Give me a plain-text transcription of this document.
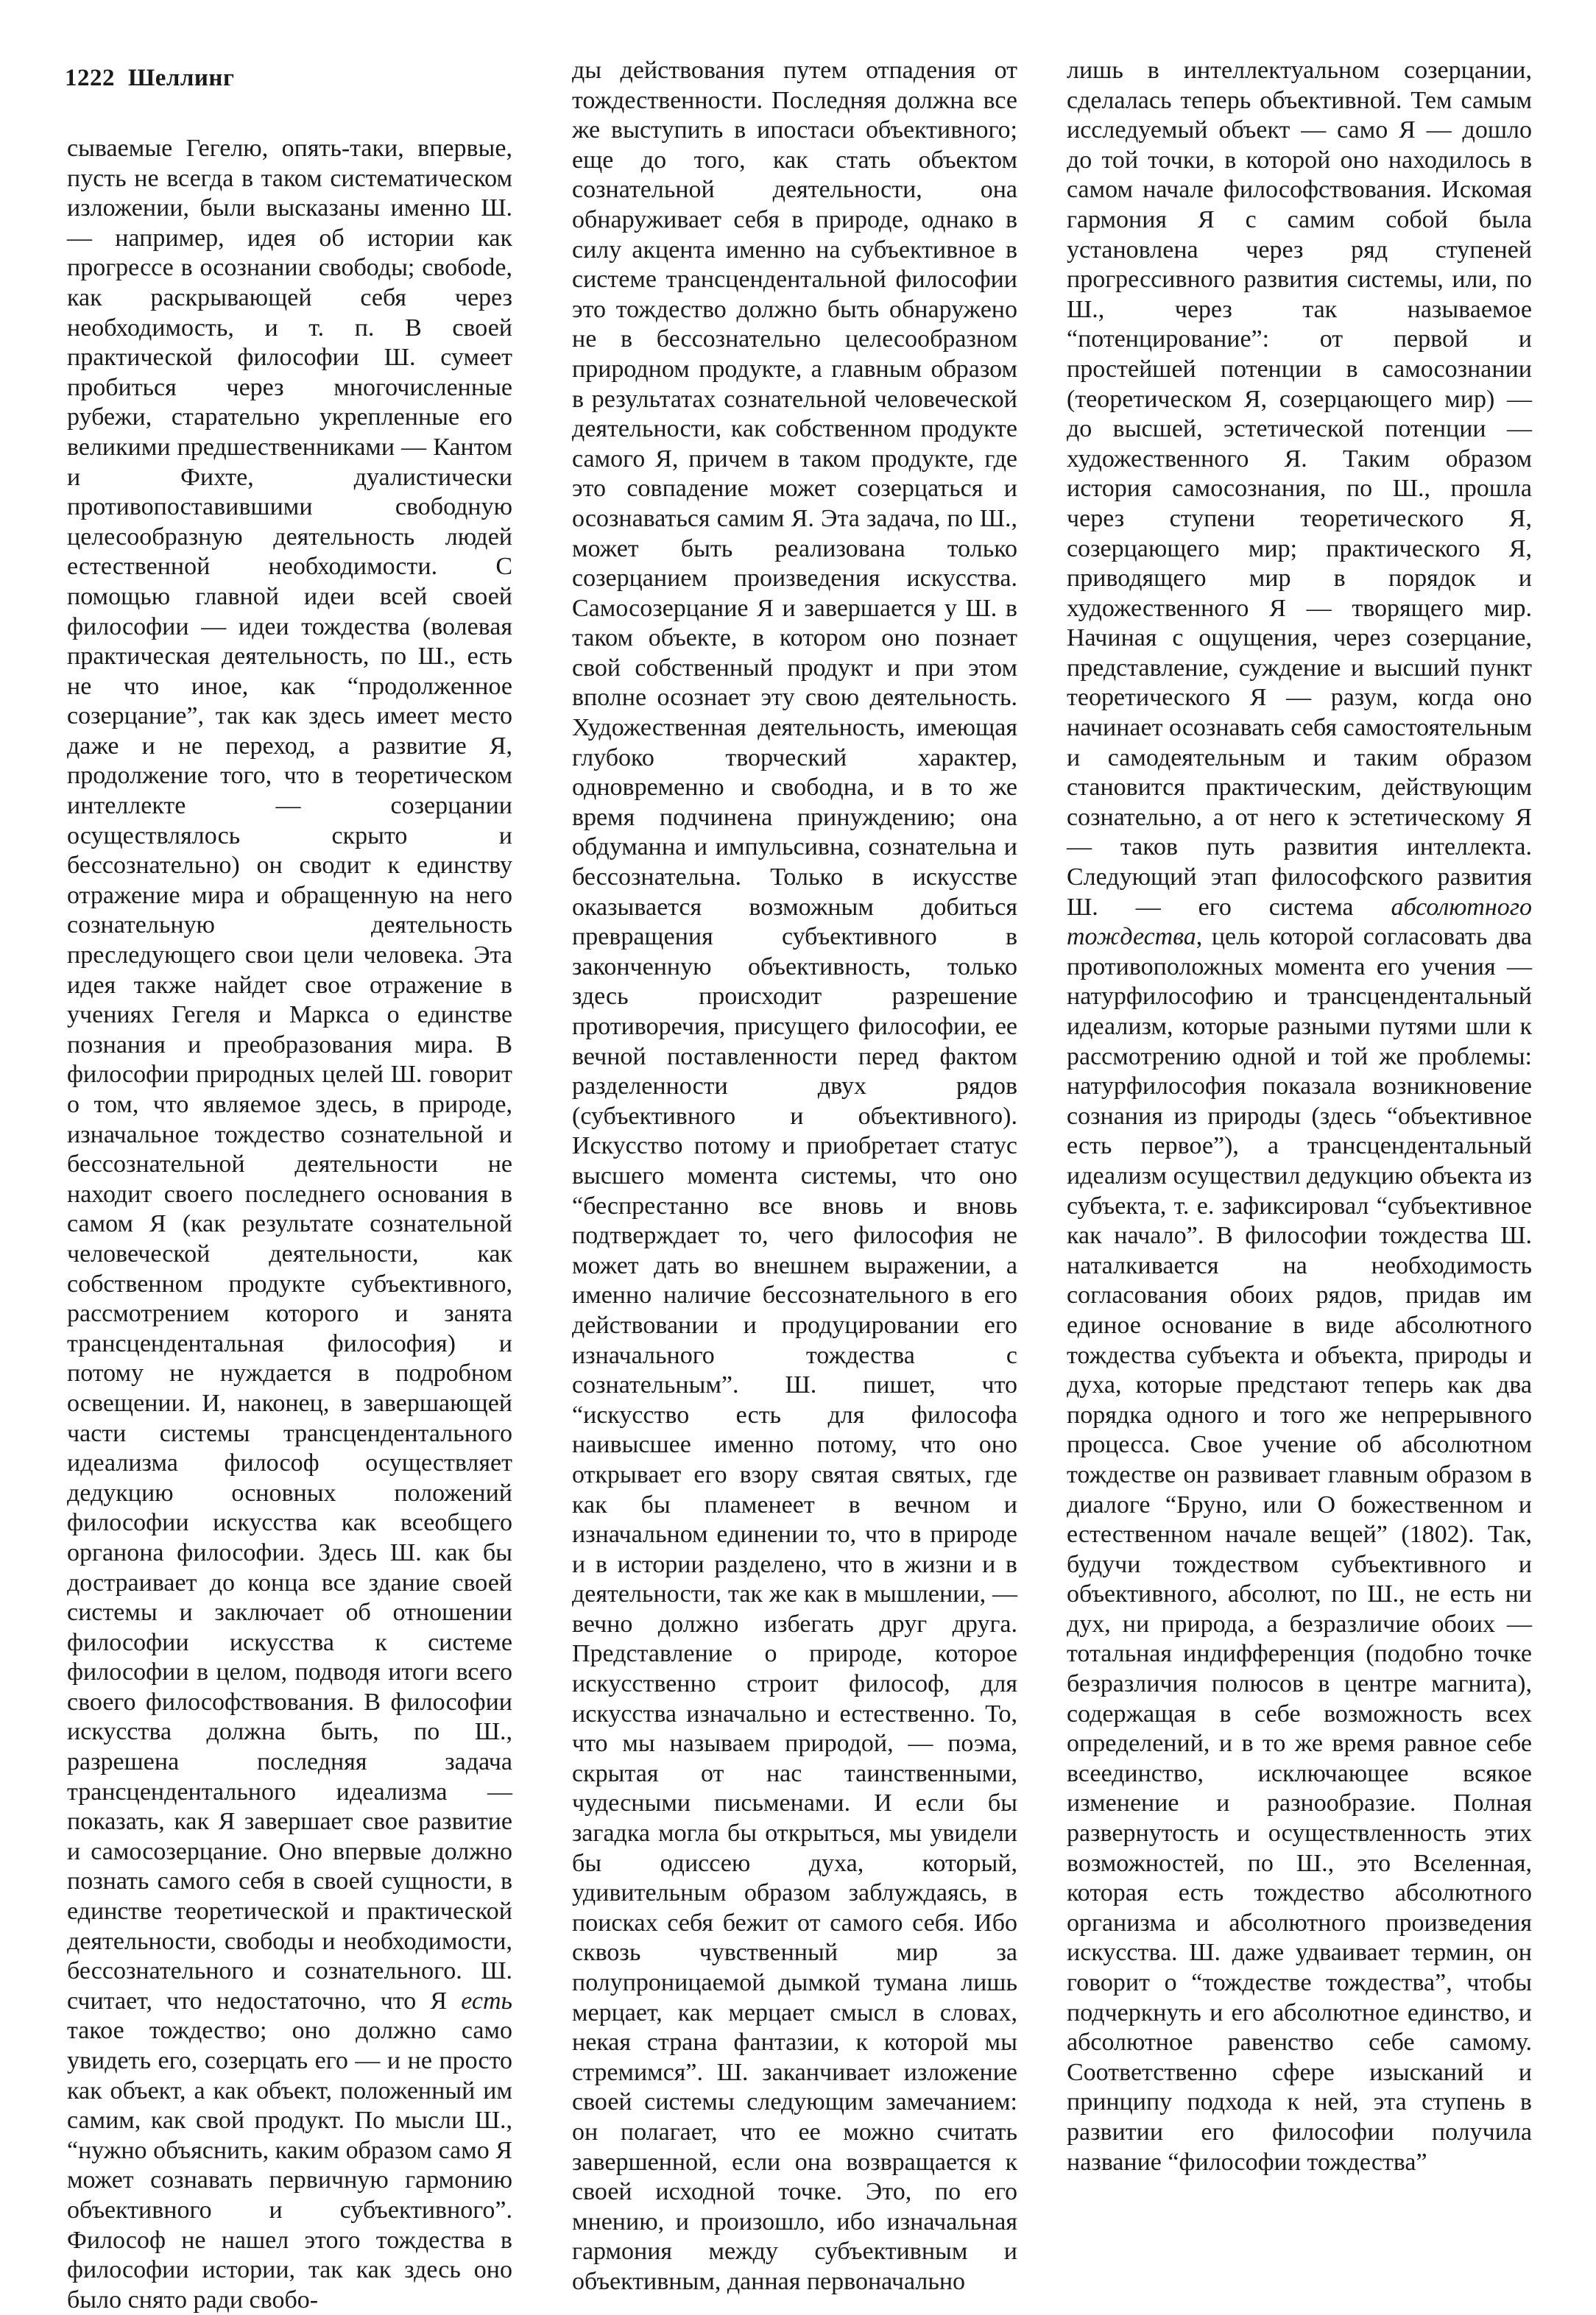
1222 Шеллинг

сываемые Гегелю, опять-таки, впервые, пусть не всегда в таком систематическом изложении, были высказаны именно Ш. — например, идея об истории как прогрессе в осознании свободы; свобode, как раскрывающей себя через необходимость, и т. п. В своей практической философии Ш. сумеет пробиться через многочисленные рубежи, старательно укрепленные его великими предшественниками — Кантом и Фихте, дуалистически противопоставившими свободную целесообразную деятельность людей естественной необходимости. С помощью главной идеи всей своей философии — идеи тождества (волевая практическая деятельность, по Ш., есть не что иное, как “продолженное созерцание”, так как здесь имеет место даже и не переход, а развитие Я, продолжение того, что в теоретическом интеллекте — созерцании осуществлялось скрыто и бессознательно) он сводит к единству отражение мира и обращенную на него сознательную деятельность преследующего свои цели человека. Эта идея также найдет свое отражение в учениях Гегеля и Маркса о единстве познания и преобразования мира. В философии природных целей Ш. говорит о том, что являемое здесь, в природе, изначальное тождество сознательной и бессознательной деятельности не находит своего последнего основания в самом Я (как результате сознательной человеческой деятельности, как собственном продукте субъективного, рассмотрением которого и занята трансцендентальная философия) и потому не нуждается в подробном освещении. И, наконец, в завершающей части системы трансцендентального идеализма философ осуществляет дедукцию основных положений философии искусства как всеобщего органона философии. Здесь Ш. как бы достраивает до конца все здание своей системы и заключает об отношении философии искусства к системе философии в целом, подводя итоги всего своего философствования. В философии искусства должна быть, по Ш., разрешена последняя задача трансцендентального идеализма — показать, как Я завершает свое развитие и самосозерцание. Оно впервые должно познать самого себя в своей сущности, в единстве теоретической и практической деятельности, свободы и необходимости, бессознательного и сознательного. Ш. считает, что недостаточно, что Я есть такое тождество; оно должно само увидеть его, созерцать его — и не просто как объект, а как объект, положенный им самим, как свой продукт. По мысли Ш., “нужно объяснить, каким образом само Я может сознавать первичную гармонию объективного и субъективного”. Философ не нашел этого тождества в философии истории, так как здесь оно было снято ради свобо-

ды действования путем отпадения от тождественности. Последняя должна все же выступить в ипостаси объективного; еще до того, как стать объектом сознательной деятельности, она обнаруживает себя в природе, однако в силу акцента именно на субъективное в системе трансцендентальной философии это тождество должно быть обнаружено не в бессознательно целесообразном природном продукте, а главным образом в результатах сознательной человеческой деятельности, как собственном продукте самого Я, причем в таком продукте, где это совпадение может созерцаться и осознаваться самим Я. Эта задача, по Ш., может быть реализована только созерцанием произведения искусства. Самосозерцание Я и завершается у Ш. в таком объекте, в котором оно познает свой собственный продукт и при этом вполне осознает эту свою деятельность. Художественная деятельность, имеющая глубоко творческий характер, одновременно и свободна, и в то же время подчинена принуждению; она обдуманна и импульсивна, сознательна и бессознательна. Только в искусстве оказывается возможным добиться превращения субъективного в законченную объективность, только здесь происходит разрешение противоречия, присущего философии, ее вечной поставленности перед фактом разделенности двух рядов (субъективного и объективного). Искусство потому и приобретает статус высшего момента системы, что оно “беспрестанно все вновь и вновь подтверждает то, чего философия не может дать во внешнем выражении, а именно наличие бессознательного в его действовании и продуцировании его изначального тождества с сознательным”. Ш. пишет, что “искусство есть для философа наивысшее именно потому, что оно открывает его взору святая святых, где как бы пламенеет в вечном и изначальном единении то, что в природе и в истории разделено, что в жизни и в деятельности, так же как в мышлении, — вечно должно избегать друг друга. Представление о природе, которое искусственно строит философ, для искусства изначально и естественно. То, что мы называем природой, — поэма, скрытая от нас таинственными, чудесными письменами. И если бы загадка могла бы открыться, мы увидели бы одиссею духа, который, удивительным образом заблуждаясь, в поисках себя бежит от самого себя. Ибо сквозь чувственный мир за полупроницаемой дымкой тумана лишь мерцает, как мерцает смысл в словах, некая страна фантазии, к которой мы стремимся”. Ш. заканчивает изложение своей системы следующим замечанием: он полагает, что ее можно считать завершенной, если она возвращается к своей исходной точке. Это, по его мнению, и произошло, ибо изначальная гармония между субъективным и объективным, данная первоначально

лишь в интеллектуальном созерцании, сделалась теперь объективной. Тем самым исследуемый объект — само Я — дошло до той точки, в которой оно находилось в самом начале философствования. Искомая гармония Я с самим собой была установлена через ряд ступеней прогрессивного развития системы, или, по Ш., через так называемое “потенцирование”: от первой и простейшей потенции в самосознании (теоретическом Я, созерцающего мир) — до высшей, эстетической потенции — художественного Я. Таким образом история самосознания, по Ш., прошла через ступени теоретического Я, созерцающего мир; практического Я, приводящего мир в порядок и художественного Я — творящего мир. Начиная с ощущения, через созерцание, представление, суждение и высший пункт теоретического Я — разум, когда оно начинает осознавать себя самостоятельным и самодеятельным и таким образом становится практическим, действующим сознательно, а от него к эстетическому Я — таков путь развития интеллекта. Следующий этап философского развития Ш. — его система абсолютного тождества, цель которой согласовать два противоположных момента его учения — натурфилософию и трансцендентальный идеализм, которые разными путями шли к рассмотрению одной и той же проблемы: натурфилософия показала возникновение сознания из природы (здесь “объективное есть первое”), а трансцендентальный идеализм осуществил дедукцию объекта из субъекта, т. е. зафиксировал “субъективное как начало”. В философии тождества Ш. наталкивается на необходимость согласования обоих рядов, придав им единое основание в виде абсолютного тождества субъекта и объекта, природы и духа, которые предстают теперь как два порядка одного и того же непрерывного процесса. Свое учение об абсолютном тождестве он развивает главным образом в диалоге “Бруно, или О божественном и естественном начале вещей” (1802). Так, будучи тождеством субъективного и объективного, абсолют, по Ш., не есть ни дух, ни природа, а безразличие обоих — тотальная индифференция (подобно точке безразличия полюсов в центре магнита), содержащая в себе возможность всех определений, и в то же время равное себе всеединство, исключающее всякое изменение и разнообразие. Полная развернутость и осуществленность этих возможностей, по Ш., это Вселенная, которая есть тождество абсолютного организма и абсолютного произведения искусства. Ш. даже удваивает термин, он говорит о “тождестве тождества”, чтобы подчеркнуть и его абсолютное единство, и абсолютное равенство себе самому. Соответственно сфере изысканий и принципу подхода к ней, эта ступень в развитии его философии получила название “философии тождества”
